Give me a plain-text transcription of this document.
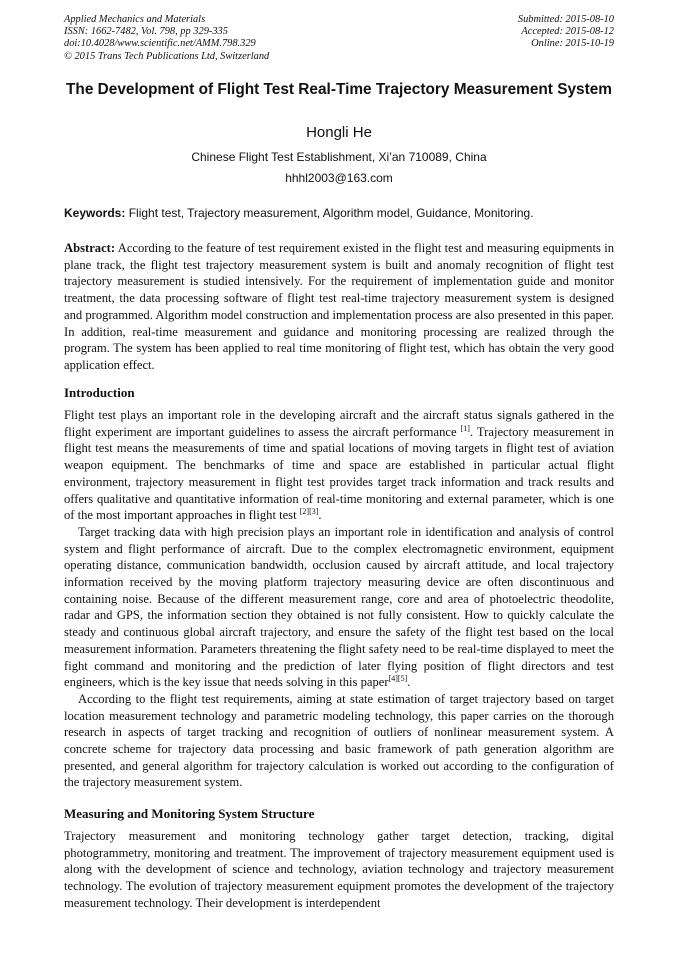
Applied Mechanics and Materials
ISSN: 1662-7482, Vol. 798, pp 329-335
doi:10.4028/www.scientific.net/AMM.798.329
© 2015 Trans Tech Publications Ltd, Switzerland
Submitted: 2015-08-10
Accepted: 2015-08-12
Online: 2015-10-19
The Development of Flight Test Real-Time Trajectory Measurement System
Hongli He
Chinese Flight Test Establishment, Xi’an 710089, China
hhhl2003@163.com
Keywords: Flight test, Trajectory measurement, Algorithm model, Guidance, Monitoring.

Abstract: According to the feature of test requirement existed in the flight test and measuring equipments in plane track, the flight test trajectory measurement system is built and anomaly recognition of flight test trajectory measurement is studied intensively. For the requirement of implementation guide and monitor treatment, the data processing software of flight test real-time trajectory measurement system is designed and programmed. Algorithm model construction and implementation process are also presented in this paper. In addition, real-time measurement and guidance and monitoring processing are realized through the program. The system has been applied to real time monitoring of flight test, which has obtain the very good application effect.

Introduction

Flight test plays an important role in the developing aircraft and the aircraft status signals gathered in the flight experiment are important guidelines to assess the aircraft performance [1]. Trajectory measurement in flight test means the measurements of time and spatial locations of moving targets in flight test of aviation weapon equipment. The benchmarks of time and space are established in particular actual flight environment, trajectory measurement in flight test provides target track information and track results and offers qualitative and quantitative information of real-time monitoring and external parameter, which is one of the most important approaches in flight test [2][3].

Target tracking data with high precision plays an important role in identification and analysis of control system and flight performance of aircraft. Due to the complex electromagnetic environment, equipment operating distance, communication bandwidth, occlusion caused by aircraft attitude, and local trajectory information received by the moving platform trajectory measuring device are often discontinuous and containing noise. Because of the different measurement range, core and area of photoelectric theodolite, radar and GPS, the information section they obtained is not fully consistent. How to quickly calculate the steady and continuous global aircraft trajectory, and ensure the safety of the flight test based on the local measurement information. Parameters threatening the flight safety need to be real-time displayed to meet the fight command and monitoring and the prediction of later flying position of flight directors and test engineers, which is the key issue that needs solving in this paper[4][5].

According to the flight test requirements, aiming at state estimation of target trajectory based on target location measurement technology and parametric modeling technology, this paper carries on the thorough research in aspects of target tracking and recognition of outliers of nonlinear measurement system. A concrete scheme for trajectory data processing and basic framework of path generation algorithm are presented, and general algorithm for trajectory calculation is worked out according to the configuration of the trajectory measurement system.

Measuring and Monitoring System Structure

Trajectory measurement and monitoring technology gather target detection, tracking, digital photogrammetry, monitoring and treatment. The improvement of trajectory measurement equipment used is along with the development of science and technology, aviation technology and trajectory measurement technology. The evolution of trajectory measurement equipment promotes the development of the trajectory measurement technology. Their development is interdependent
